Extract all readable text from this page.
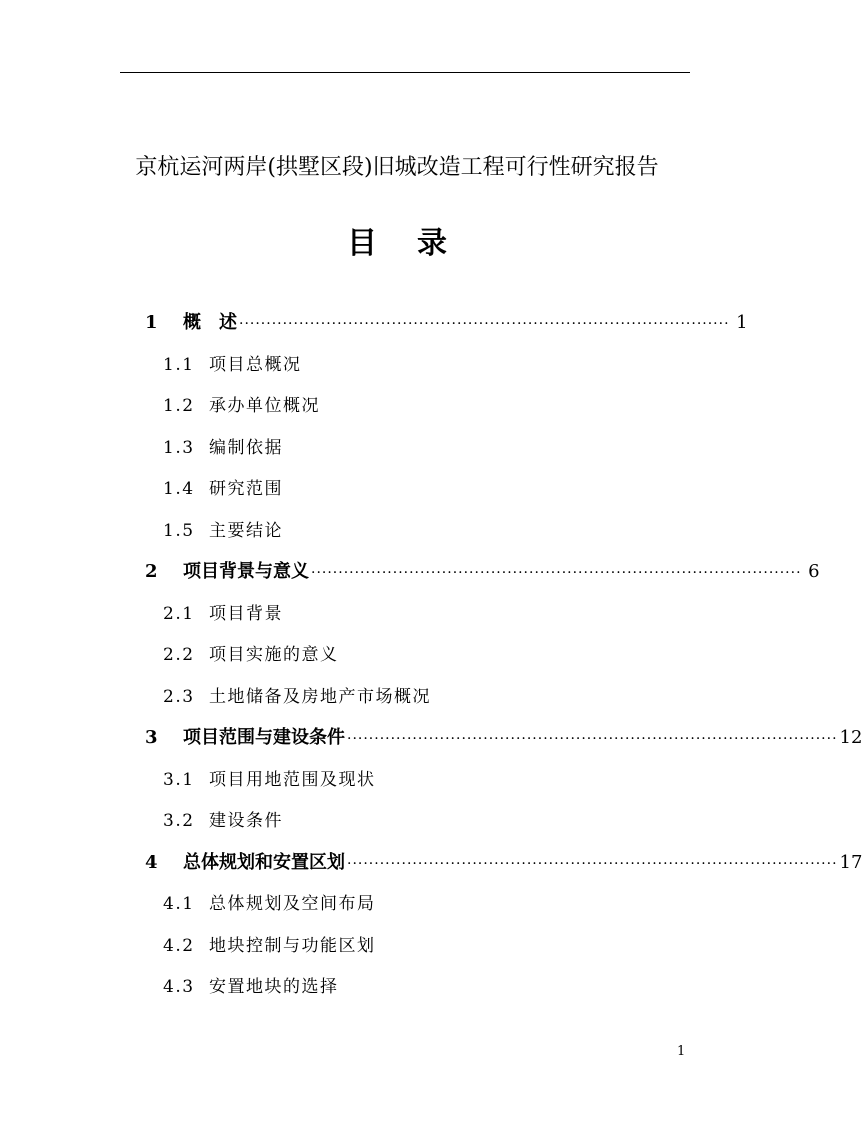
京杭运河两岸(拱墅区段)旧城改造工程可行性研究报告
目 录
1	概　述 ·························································································· 1
1.1 项目总概况
1.2 承办单位概况
1.3 编制依据
1.4 研究范围
1.5 主要结论
2	项目背景与意义 ·························································································· 6
2.1 项目背景
2.2 项目实施的意义
2.3 土地储备及房地产市场概况
3	项目范围与建设条件 ·························································································· 12
3.1 项目用地范围及现状
3.2 建设条件
4	总体规划和安置区划 ·························································································· 17
4.1 总体规划及空间布局
4.2 地块控制与功能区划
4.3 安置地块的选择
1
